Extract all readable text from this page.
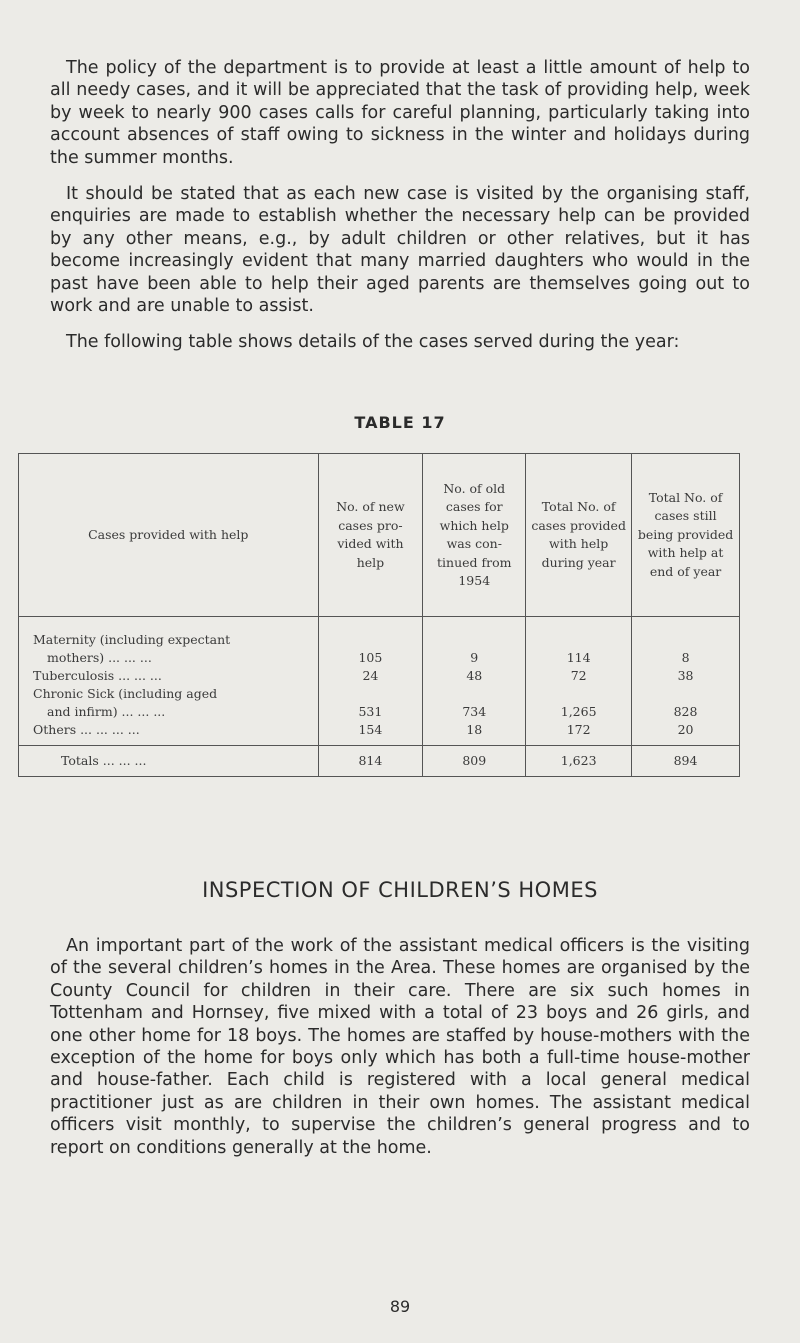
The policy of the department is to provide at least a little amount of help to all needy cases, and it will be appreciated that the task of providing help, week by week to nearly 900 cases calls for careful planning, particularly taking into account absences of staff owing to sickness in the winter and holidays during the summer months.

It should be stated that as each new case is visited by the organising staff, enquiries are made to establish whether the necessary help can be provided by any other means, e.g., by adult children or other relatives, but it has become increasingly evident that many married daughters who would in the past have been able to help their aged parents are themselves going out to work and are unable to assist.

The following table shows details of the cases served during the year:

TABLE 17
Cases provided with help	No. of new cases pro- vided with help	No. of old cases for which help was con- tinued from 1954	Total No. of cases provided with help during year	Total No. of cases still being provided with help at end of year
Maternity (including expectant				
mothers) ... ... ...	105	9	114	8
Tuberculosis ... ... ...	24	48	72	38
Chronic Sick (including aged				
and infirm) ... ... ...	531	734	1,265	828
Others ... ... ... ...	154	18	172	20
Totals ... ... ...	814	809	1,623	894
INSPECTION OF CHILDREN’S HOMES

An important part of the work of the assistant medical officers is the visiting of the several children’s homes in the Area. These homes are organised by the County Council for children in their care. There are six such homes in Tottenham and Hornsey, five mixed with a total of 23 boys and 26 girls, and one other home for 18 boys. The homes are staffed by house-mothers with the exception of the home for boys only which has both a full-time house-mother and house-father. Each child is registered with a local general medical practitioner just as are children in their own homes. The assistant medical officers visit monthly, to supervise the children’s general progress and to report on conditions generally at the home.

89
